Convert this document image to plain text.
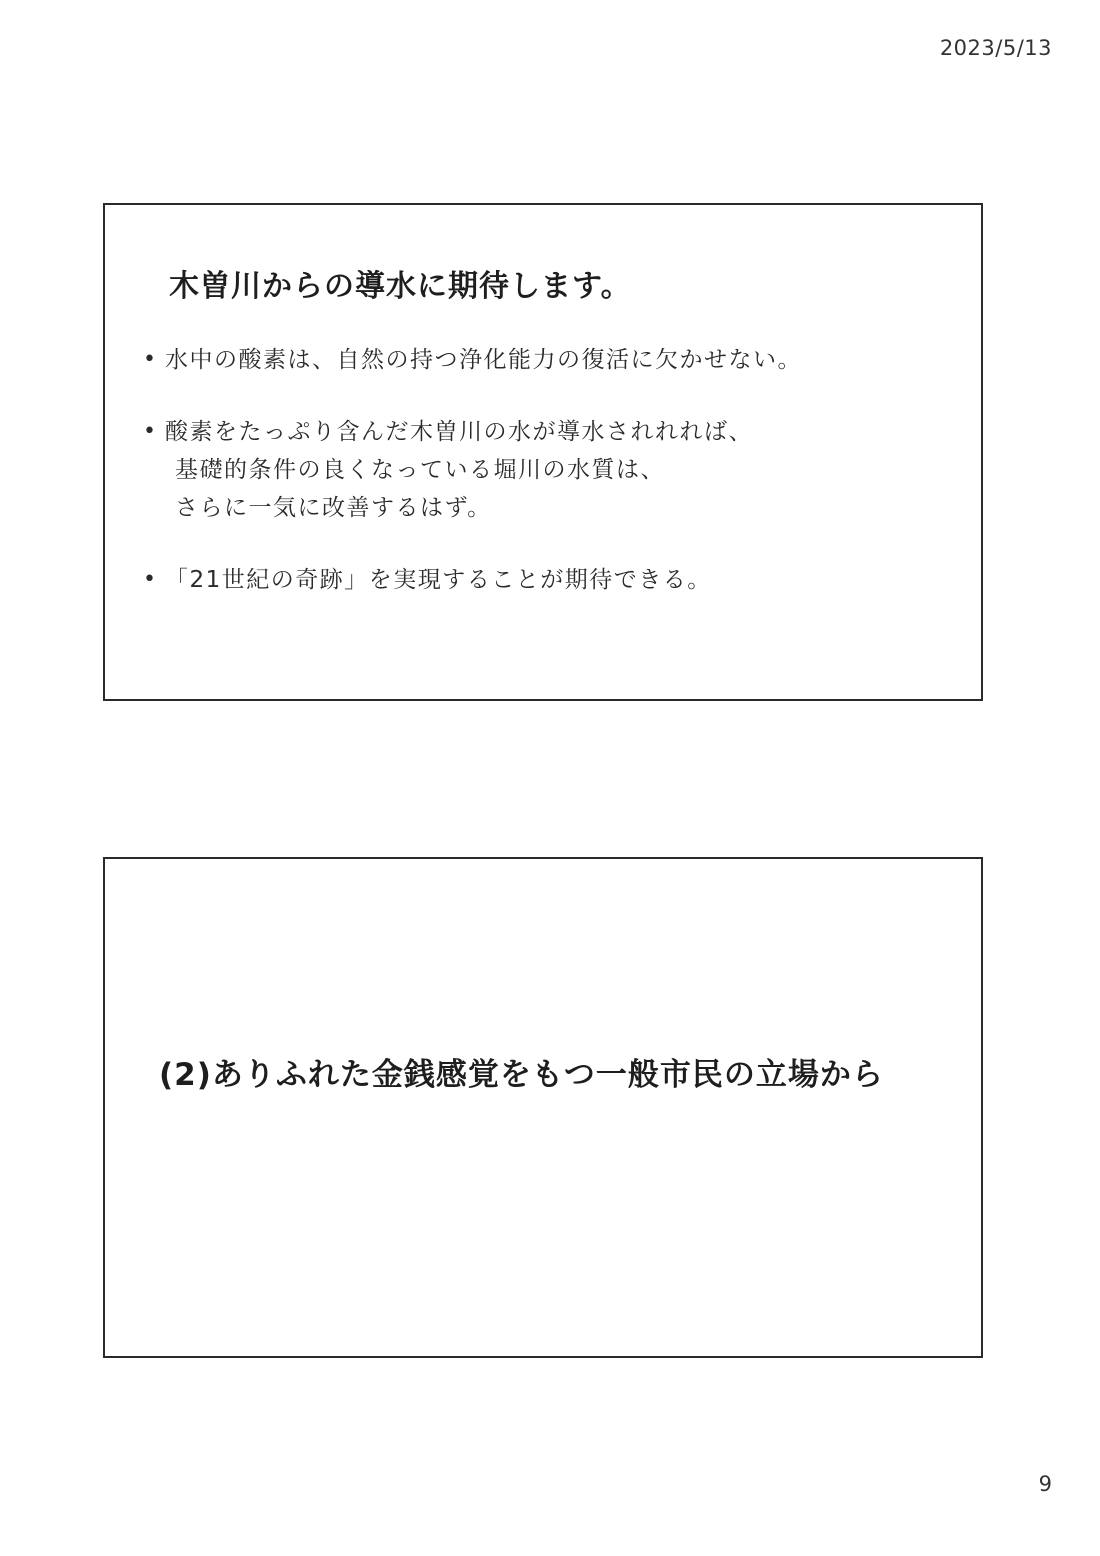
2023/5/13
木曽川からの導水に期待します。
• 水中の酸素は、自然の持つ浄化能力の復活に欠かせない。
• 酸素をたっぷり含んだ木曽川の水が導水されれれば、
基礎的条件の良くなっている堀川の水質は、
さらに一気に改善するはず。
• 「21世紀の奇跡」を実現することが期待できる。
(2)ありふれた金銭感覚をもつ一般市民の立場から
9
